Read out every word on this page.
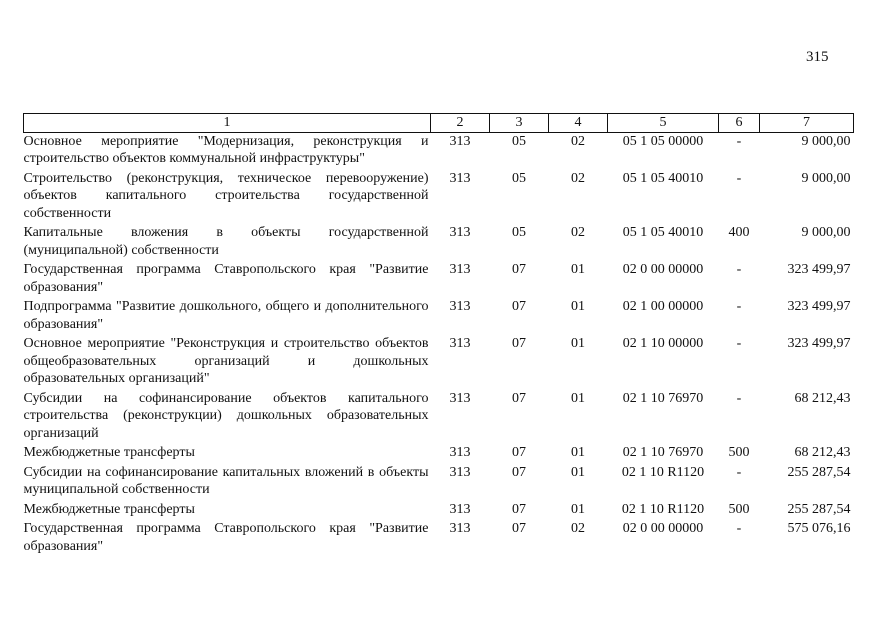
315
1	2	3	4	5	6	7
Основное мероприятие "Модернизация, реконструкция и строительство объектов коммунальной инфраструктуры"	313	05	02	05 1 05 00000	-	9 000,00
Строительство (реконструкция, техническое перевооружение) объектов капитального строительства государственной собственности	313	05	02	05 1 05 40010	-	9 000,00
Капитальные вложения в объекты государственной (муниципальной) собственности	313	05	02	05 1 05 40010	400	9 000,00
Государственная программа Ставропольского края "Развитие образования"	313	07	01	02 0 00 00000	-	323 499,97
Подпрограмма "Развитие дошкольного, общего и дополнительного образования"	313	07	01	02 1 00 00000	-	323 499,97
Основное мероприятие "Реконструкция и строительство объектов общеобразовательных организаций и дошкольных образовательных организаций"	313	07	01	02 1 10 00000	-	323 499,97
Субсидии на софинансирование объектов капитального строительства (реконструкции) дошкольных образовательных организаций	313	07	01	02 1 10 76970	-	68 212,43
Межбюджетные трансферты	313	07	01	02 1 10 76970	500	68 212,43
Субсидии на софинансирование капитальных вложений в объекты муниципальной собственности	313	07	01	02 1 10 R1120	-	255 287,54
Межбюджетные трансферты	313	07	01	02 1 10 R1120	500	255 287,54
Государственная программа Ставропольского края "Развитие образования"	313	07	02	02 0 00 00000	-	575 076,16
